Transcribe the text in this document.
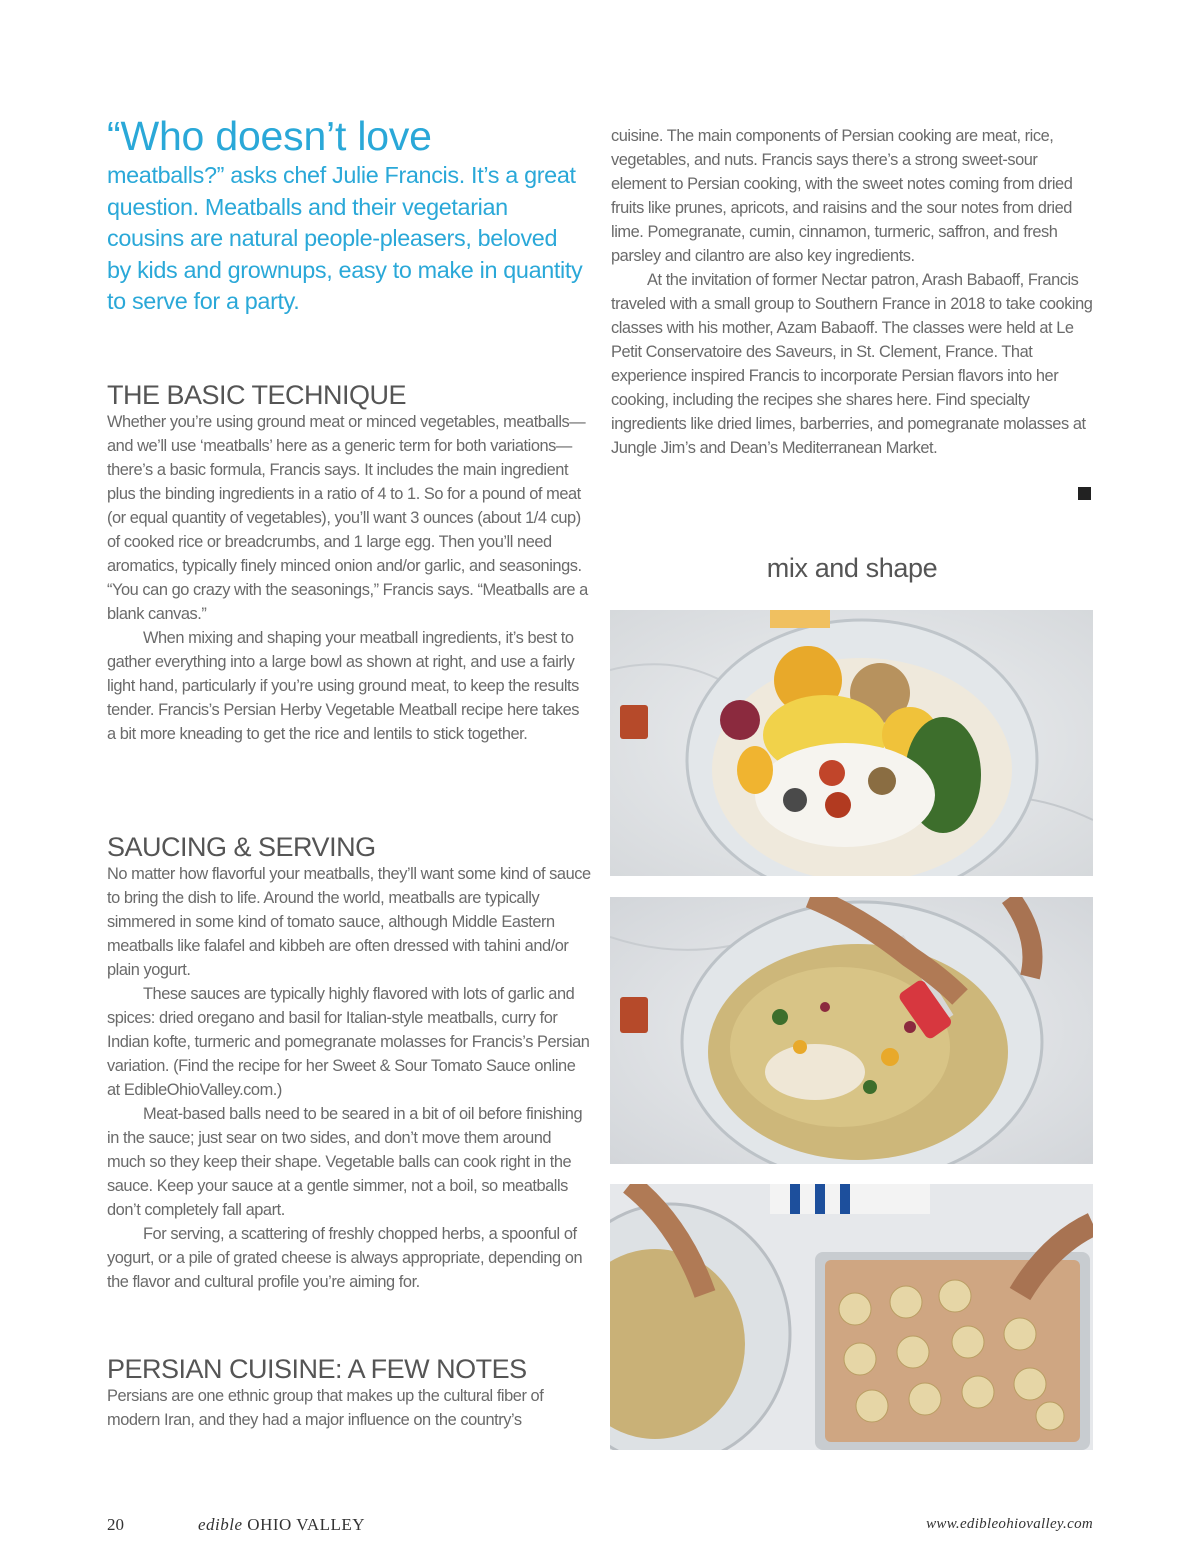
“Who doesn’t love

meatballs?” asks chef Julie Francis. It’s a great question. Meatballs and their vegetarian cousins are natural people-pleasers, beloved by kids and grownups, easy to make in quantity to serve for a party.

THE BASIC TECHNIQUE

Whether you’re using ground meat or minced vegetables, meatballs—and we’ll use ‘meatballs’ here as a generic term for both variations—there’s a basic formula, Francis says. It includes the main ingredient plus the binding ingredients in a ratio of 4 to 1. So for a pound of meat (or equal quantity of vegetables), you’ll want 3 ounces (about 1/4 cup) of cooked rice or breadcrumbs, and 1 large egg. Then you’ll need aromatics, typically finely minced onion and/or garlic, and seasonings. “You can go crazy with the seasonings,” Francis says. “Meatballs are a blank canvas.”

When mixing and shaping your meatball ingredients, it’s best to gather everything into a large bowl as shown at right, and use a fairly light hand, particularly if you’re using ground meat, to keep the results tender. Francis’s Persian Herby Vegetable Meatball recipe here takes a bit more kneading to get the rice and lentils to stick together.

SAUCING & SERVING

No matter how flavorful your meatballs, they’ll want some kind of sauce to bring the dish to life. Around the world, meatballs are typically simmered in some kind of tomato sauce, although Middle Eastern meatballs like falafel and kibbeh are often dressed with tahini and/or plain yogurt.

These sauces are typically highly flavored with lots of garlic and spices: dried oregano and basil for Italian-style meatballs, curry for Indian kofte, turmeric and pomegranate molasses for Francis’s Persian variation. (Find the recipe for her Sweet & Sour Tomato Sauce online at EdibleOhioValley.com.)

Meat-based balls need to be seared in a bit of oil before finishing in the sauce; just sear on two sides, and don’t move them around much so they keep their shape. Vegetable balls can cook right in the sauce. Keep your sauce at a gentle simmer, not a boil, so meatballs don’t completely fall apart.

For serving, a scattering of freshly chopped herbs, a spoonful of yogurt, or a pile of grated cheese is always appropriate, depending on the flavor and cultural profile you’re aiming for.

PERSIAN CUISINE: A FEW NOTES

Persians are one ethnic group that makes up the cultural fiber of modern Iran, and they had a major influence on the country’s

cuisine. The main components of Persian cooking are meat, rice, vegetables, and nuts. Francis says there’s a strong sweet-sour element to Persian cooking, with the sweet notes coming from dried fruits like prunes, apricots, and raisins and the sour notes from dried lime. Pomegranate, cumin, cinnamon, turmeric, saffron, and fresh parsley and cilantro are also key ingredients.

At the invitation of former Nectar patron, Arash Babaoff, Francis traveled with a small group to Southern France in 2018 to take cooking classes with his mother, Azam Babaoff. The classes were held at Le Petit Conservatoire des Saveurs, in St. Clement, France. That experience inspired Francis to incorporate Persian flavors into her cooking, including the recipes she shares here. Find specialty ingredients like dried limes, barberries, and pomegranate molasses at Jungle Jim’s and Dean’s Mediterranean Market.

mix and shape
20	edible OHIO VALLEY	www.edibleohiovalley.com
